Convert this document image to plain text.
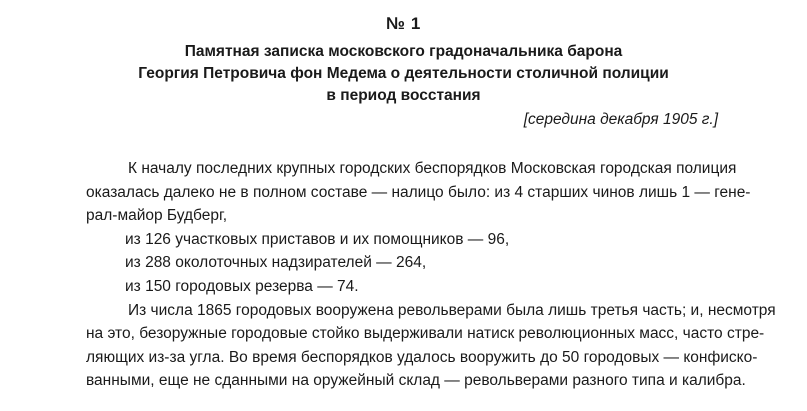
№ 1
Памятная записка московского градоначальника барона
Георгия Петровича фон Медема о деятельности столичной полиции
в период восстания
[середина декабря 1905 г.]
К началу последних крупных городских беспорядков Московская городская полиция
оказалась далеко не в полном составе — налицо было: из 4 старших чинов лишь 1 — гене-
рал-майор Будберг,
из 126 участковых приставов и их помощников — 96,
из 288 околоточных надзирателей — 264,
из 150 городовых резерва — 74.
Из числа 1865 городовых вооружена револьверами была лишь третья часть; и, несмотря
на это, безоружные городовые стойко выдерживали натиск революционных масс, часто стре-
ляющих из-за угла. Во время беспорядков удалось вооружить до 50 городовых — конфиско-
ванными, еще не сданными на оружейный склад — револьверами разного типа и калибра.
